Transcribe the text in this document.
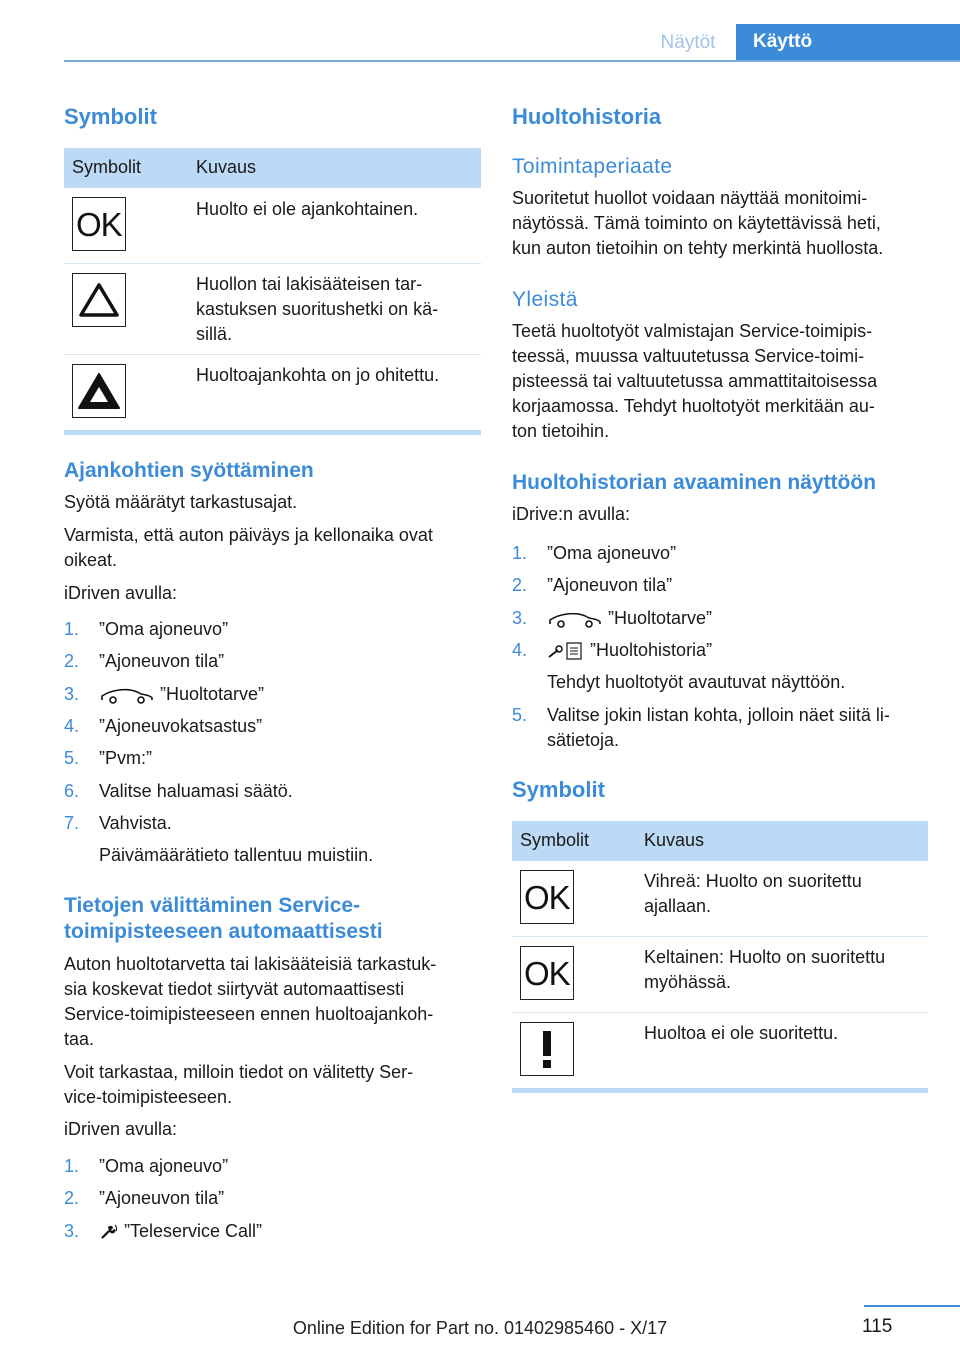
Näytöt	Käyttö
Symbolit
Symbolit	Kuvaus
OK	Huolto ei ole ajankohtainen.
Huollon tai lakisääteisen tar-
kastuksen suoritushetki on kä-
sillä.
Huoltoajankohta on jo ohitettu.
Ajankohtien syöttäminen

Syötä määrätyt tarkastusajat.

Varmista, että auton päiväys ja kellonaika ovat

oikeat.

iDriven avulla:

1. ”Oma ajoneuvo”
2. ”Ajoneuvon tila”
3.	”Huoltotarve”
4. ”Ajoneuvokatsastus”
5. ”Pvm:”
6. Valitse haluamasi säätö.
7. Vahvista.

Päivämäärätieto tallentuu muistiin.

Tietojen välittäminen Service-
toimipisteeseen automaattisesti

Auton huoltotarvetta tai lakisääteisiä tarkastuk-

sia koskevat tiedot siirtyvät automaattisesti

Service-toimipisteeseen ennen huoltoajankoh-

taa.

Voit tarkastaa, milloin tiedot on välitetty Ser-

vice-toimipisteeseen.

iDriven avulla:

1. ”Oma ajoneuvo”
2. ”Ajoneuvon tila”
3.	”Teleservice Call”
Huoltohistoria
Toimintaperiaate

Suoritetut huollot voidaan näyttää monitoimi-

näytössä. Tämä toiminto on käytettävissä heti,

kun auton tietoihin on tehty merkintä huollosta.

Yleistä

Teetä huoltotyöt valmistajan Service-toimipis-

teessä, muussa valtuutetussa Service-toimi-

pisteessä tai valtuutetussa ammattitaitoisessa

korjaamossa. Tehdyt huoltotyöt merkitään au-

ton tietoihin.

Huoltohistorian avaaminen näyttöön

iDrive:n avulla:

1. ”Oma ajoneuvo”
2. ”Ajoneuvon tila”
3.	”Huoltotarve”
4.	”Huoltohistoria”

Tehdyt huoltotyöt avautuvat näyttöön.

5. Valitse jokin listan kohta, jolloin näet siitä li-

sätietoja.

Symbolit
Symbolit	Kuvaus
OK	Vihreä: Huolto on suoritettu
ajallaan.
OK	Keltainen: Huolto on suoritettu
myöhässä.
Huoltoa ei ole suoritettu.
115
Online Edition for Part no. 01402985460 - X/17
